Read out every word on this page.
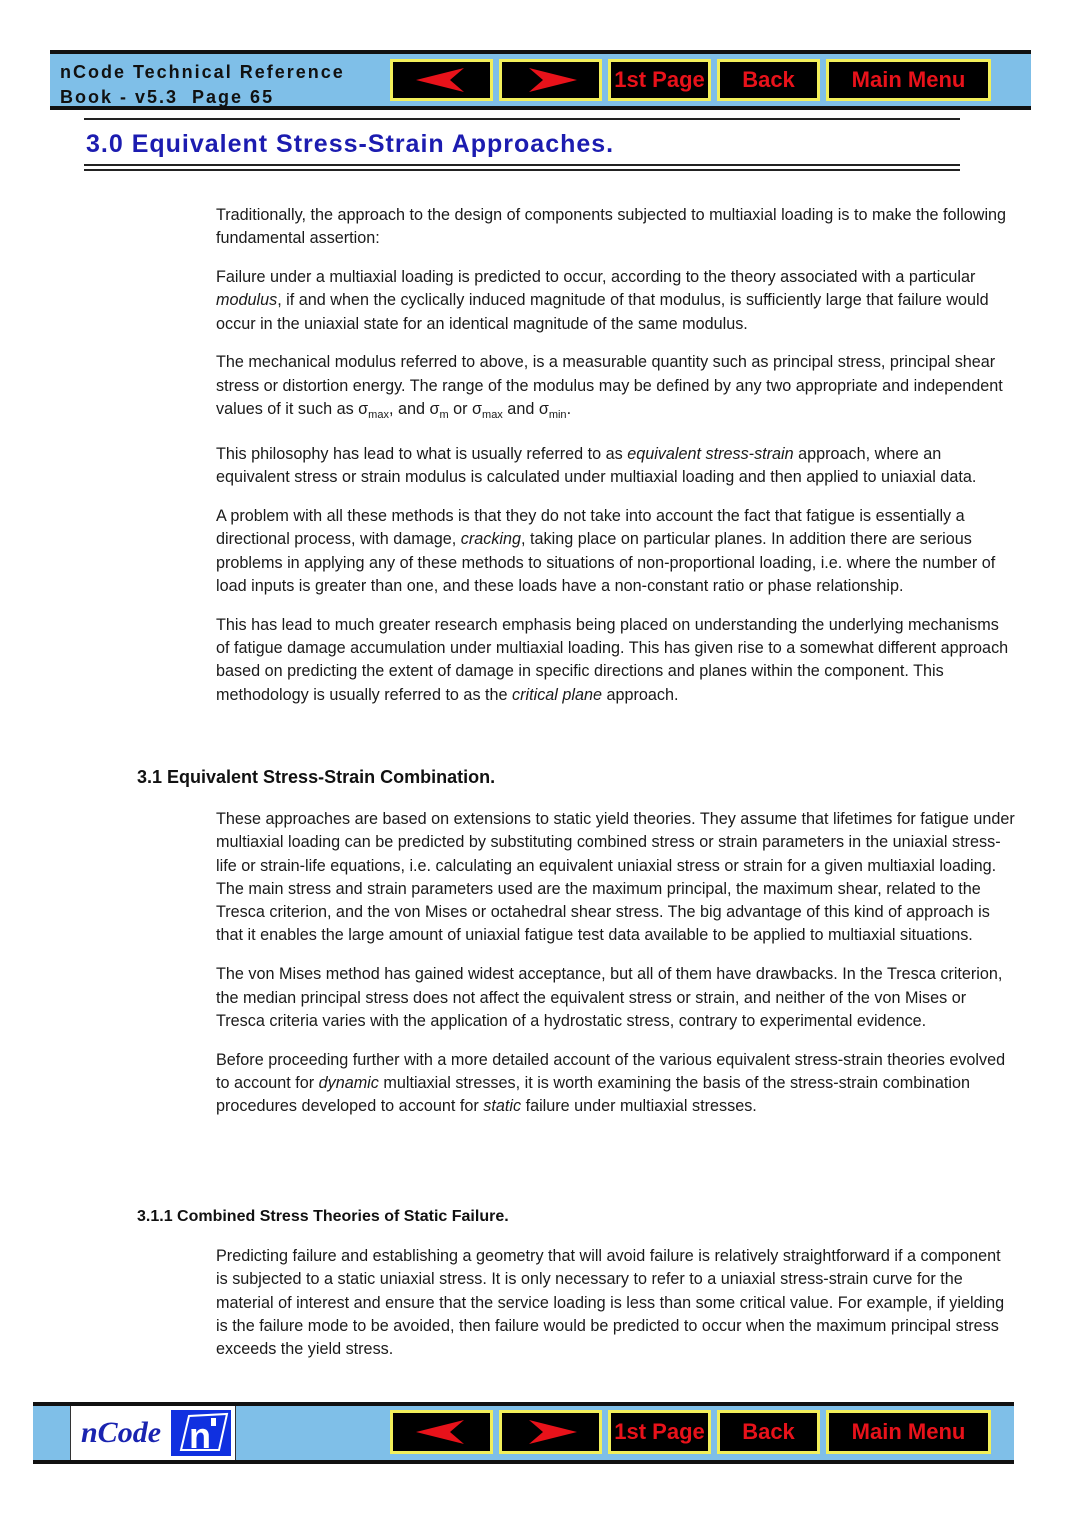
nCode Technical Reference
Book - v5.3  Page 65
1st Page	Back	Main Menu
3.0 Equivalent Stress-Strain Approaches.

Traditionally, the approach to the design of components subjected to multiaxial loading is to make the following fundamental assertion:

Failure under a multiaxial loading is predicted to occur, according to the theory associated with a particular modulus, if and when the cyclically induced magnitude of that modulus, is sufficiently large that failure would occur in the uniaxial state for an identical magnitude of the same modulus.

The mechanical modulus referred to above, is a measurable quantity such as principal stress, principal shear stress or distortion energy. The range of the modulus may be defined by any two appropriate and independent values of it such as $\sigma_{max}$, and $\sigma_m$ or $\sigma_{max}$ and $\sigma_{min}$.

This philosophy has lead to what is usually referred to as equivalent stress-strain approach, where an equivalent stress or strain modulus is calculated under multiaxial loading and then applied to uniaxial data.

A problem with all these methods is that they do not take into account the fact that fatigue is essentially a directional process, with damage, cracking, taking place on particular planes. In addition there are serious problems in applying any of these methods to situations of non-proportional loading, i.e. where the number of load inputs is greater than one, and these loads have a non-constant ratio or phase relationship.

This has lead to much greater research emphasis being placed on understanding the underlying mechanisms of fatigue damage accumulation under multiaxial loading. This has given rise to a somewhat different approach based on predicting the extent of damage in specific directions and planes within the component. This methodology is usually referred to as the critical plane approach.

3.1 Equivalent Stress-Strain Combination.

These approaches are based on extensions to static yield theories. They assume that lifetimes for fatigue under multiaxial loading can be predicted by substituting combined stress or strain parameters in the uniaxial stress-life or strain-life equations, i.e. calculating an equivalent uniaxial stress or strain for a given multiaxial loading. The main stress and strain parameters used are the maximum principal, the maximum shear, related to the Tresca criterion, and the von Mises or octahedral shear stress. The big advantage of this kind of approach is that it enables the large amount of uniaxial fatigue test data available to be applied to multiaxial situations.

The von Mises method has gained widest acceptance, but all of them have drawbacks. In the Tresca criterion, the median principal stress does not affect the equivalent stress or strain, and neither of the von Mises or Tresca criteria varies with the application of a hydrostatic stress, contrary to experimental evidence.

Before proceeding further with a more detailed account of the various equivalent stress-strain theories evolved to account for dynamic multiaxial stresses, it is worth examining the basis of the stress-strain combination procedures developed to account for static failure under multiaxial stresses.

3.1.1 Combined Stress Theories of Static Failure.

Predicting failure and establishing a geometry that will avoid failure is relatively straightforward if a component is subjected to a static uniaxial stress. It is only necessary to refer to a uniaxial stress-strain curve for the material of interest and ensure that the service loading is less than some critical value. For example, if yielding is the failure mode to be avoided, then failure would be predicted to occur when the maximum principal stress exceeds the yield stress.

nCode n	1st Page	Back	Main Menu
